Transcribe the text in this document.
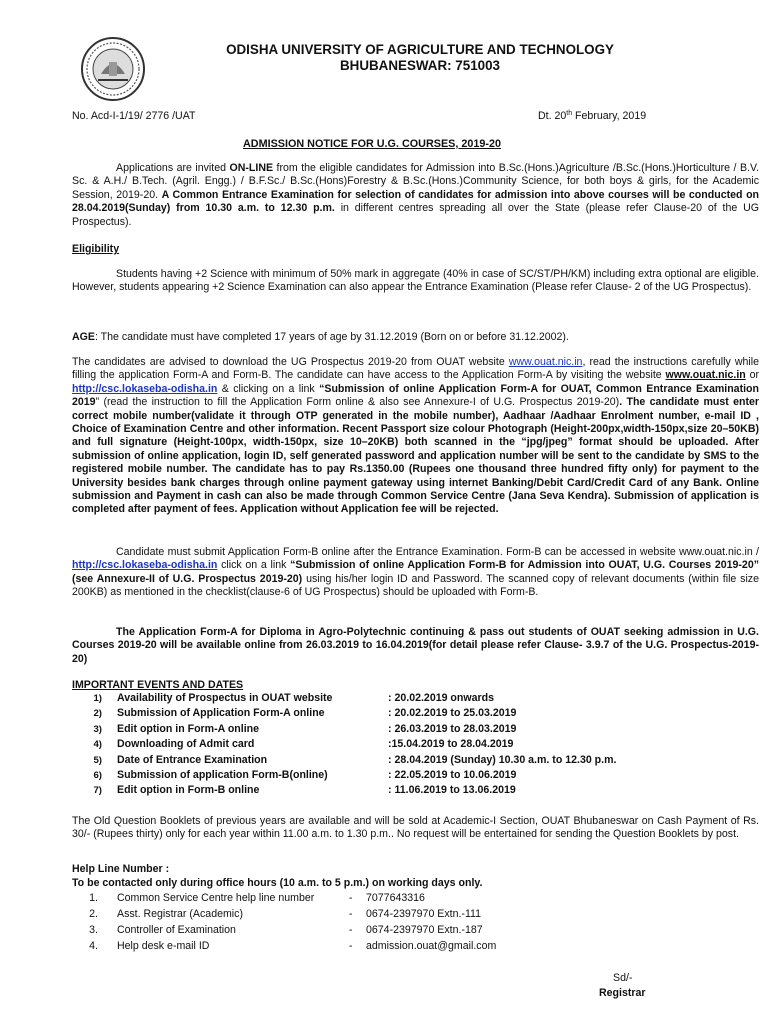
ODISHA UNIVERSITY OF AGRICULTURE AND TECHNOLOGY
BHUBANESWAR: 751003
No. Acd-I-1/19/ 2776 /UAT	Dt. 20th February, 2019
ADMISSION NOTICE FOR U.G. COURSES, 2019-20
Applications are invited ON-LINE from the eligible candidates for Admission into B.Sc.(Hons.)Agriculture /B.Sc.(Hons.)Horticulture / B.V. Sc. & A.H./ B.Tech. (Agril. Engg.) / B.F.Sc./ B.Sc.(Hons)Forestry & B.Sc.(Hons.)Community Science, for both boys & girls, for the Academic Session, 2019-20. A Common Entrance Examination for selection of candidates for admission into above courses will be conducted on 28.04.2019(Sunday) from 10.30 a.m. to 12.30 p.m. in different centres spreading all over the State (please refer Clause-20 of the UG Prospectus).
Eligibility
Students having +2 Science with minimum of 50% mark in aggregate (40% in case of SC/ST/PH/KM) including extra optional are eligible. However, students appearing +2 Science Examination can also appear the Entrance Examination (Please refer Clause- 2 of the UG Prospectus).
AGE: The candidate must have completed 17 years of age by 31.12.2019 (Born on or before 31.12.2002).
The candidates are advised to download the UG Prospectus 2019-20 from OUAT website www.ouat.nic.in, read the instructions carefully while filling the application Form-A and Form-B. The candidate can have access to the Application Form-A by visiting the website www.ouat.nic.in or http://csc.lokaseba-odisha.in & clicking on a link “Submission of online Application Form-A for OUAT, Common Entrance Examination 2019” (read the instruction to fill the Application Form online & also see Annexure-I of U.G. Prospectus 2019-20). The candidate must enter correct mobile number(validate it through OTP generated in the mobile number), Aadhaar /Aadhaar Enrolment number, e-mail ID , Choice of Examination Centre and other information. Recent Passport size colour Photograph (Height-200px,width-150px,size 20–50KB) and full signature (Height-100px, width-150px, size 10–20KB) both scanned in the “jpg/jpeg” format should be uploaded. After submission of online application, login ID, self generated password and application number will be sent to the candidate by SMS to the registered mobile number. The candidate has to pay Rs.1350.00 (Rupees one thousand three hundred fifty only) for payment to the University besides bank charges through online payment gateway using internet Banking/Debit Card/Credit Card of any Bank. Online submission and Payment in cash can also be made through Common Service Centre (Jana Seva Kendra). Submission of application is completed after payment of fees. Application without Application fee will be rejected.
Candidate must submit Application Form-B online after the Entrance Examination. Form-B can be accessed in website www.ouat.nic.in / http://csc.lokaseba-odisha.in click on a link “Submission of online Application Form-B for Admission into OUAT, U.G. Courses 2019-20” (see Annexure-II of U.G. Prospectus 2019-20) using his/her login ID and Password. The scanned copy of relevant documents (within file size 200KB) as mentioned in the checklist(clause-6 of UG Prospectus) should be uploaded with Form-B.
The Application Form-A for Diploma in Agro-Polytechnic continuing & pass out students of OUAT seeking admission in U.G. Courses 2019-20 will be available online from 26.03.2019 to 16.04.2019(for detail please refer Clause- 3.9.7 of the U.G. Prospectus-2019-20)
IMPORTANT EVENTS AND DATES
1) Availability of Prospectus in OUAT website	: 20.02.2019 onwards
2) Submission of Application Form-A online	: 20.02.2019 to 25.03.2019
3) Edit option in Form-A online	: 26.03.2019 to 28.03.2019
4) Downloading of Admit card	:15.04.2019 to 28.04.2019
5) Date of Entrance Examination	: 28.04.2019 (Sunday) 10.30 a.m. to 12.30 p.m.
6) Submission of application Form-B(online)	: 22.05.2019 to 10.06.2019
7) Edit option in Form-B online	: 11.06.2019 to 13.06.2019
The Old Question Booklets of previous years are available and will be sold at Academic-I Section, OUAT Bhubaneswar on Cash Payment of Rs. 30/- (Rupees thirty) only for each year within 11.00 a.m. to 1.30 p.m.. No request will be entertained for sending the Question Booklets by post.
Help Line Number :
To be contacted only during office hours (10 a.m. to 5 p.m.) on working days only.
1. Common Service Centre help line number	- 7077643316
2. Asst. Registrar (Academic)	- 0674-2397970 Extn.-111
3. Controller of Examination	- 0674-2397970 Extn.-187
4. Help desk e-mail ID	- admission.ouat@gmail.com
Sd/-
Registrar
